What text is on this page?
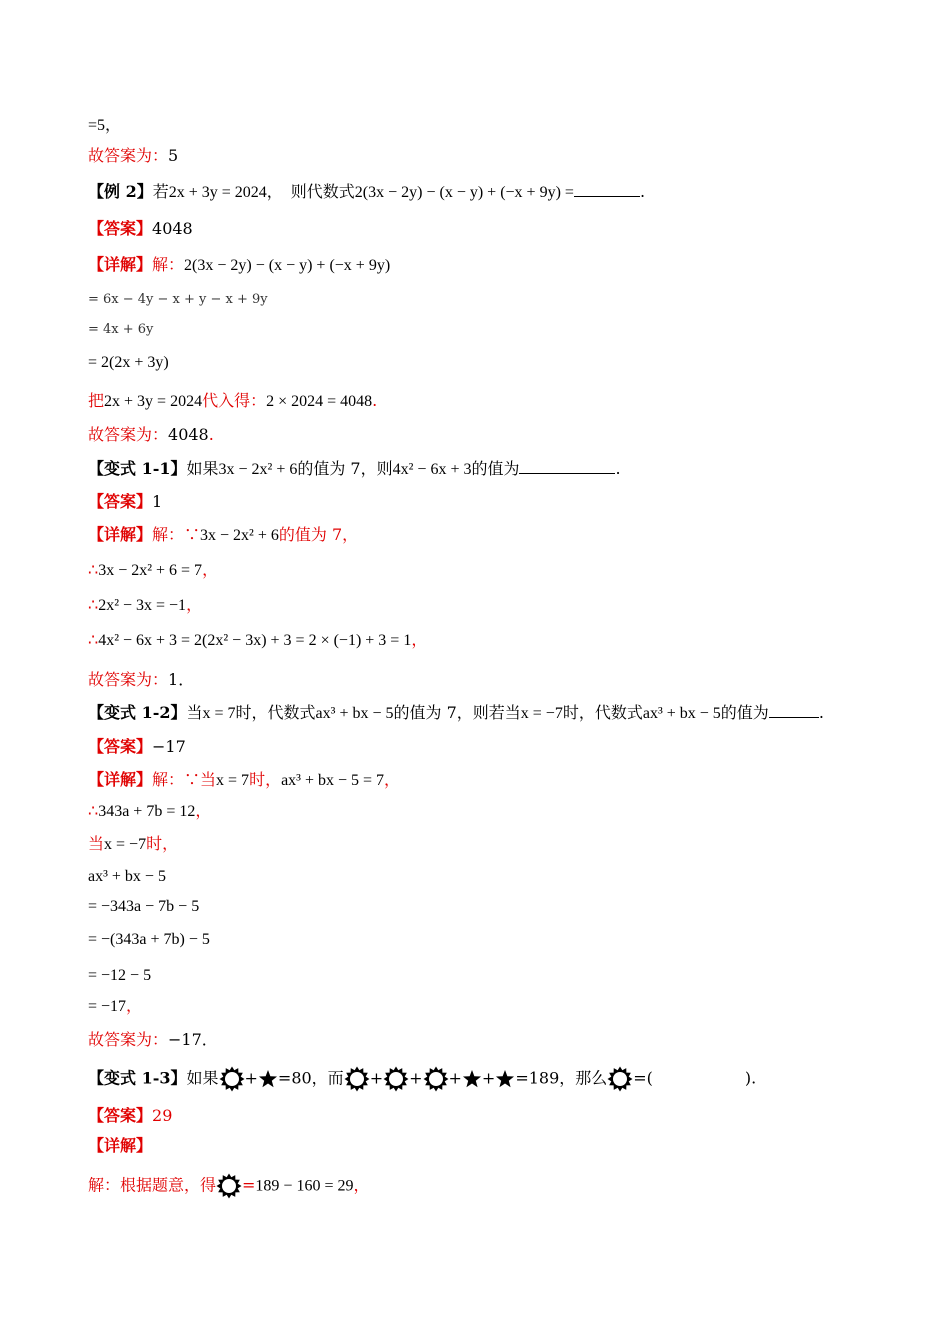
=5，
故答案为：5
【例 2】若2x + 3y = 2024，　则代数式2(3x − 2y) − (x − y) + (−x + 9y) =	.
【答案】4048
【详解】解：2(3x − 2y) − (x − y) + (−x + 9y)
= 6x − 4y − x + y − x + 9y
= 4x + 6y
= 2(2x + 3y)
把2x + 3y = 2024代入得：2 × 2024 = 4048.
故答案为：4048.
【变式 1-1】如果3x − 2x² + 6的值为 7，则4x² − 6x + 3的值为	.
【答案】1
【详解】解：∵3x − 2x² + 6的值为 7，
∴3x − 2x² + 6 = 7，
∴2x² − 3x = −1，
∴4x² − 6x + 3 = 2(2x² − 3x) + 3 = 2 × (−1) + 3 = 1，
故答案为：1．
【变式 1-2】当x = 7时，代数式ax³ + bx − 5的值为 7，则若当x = −7时，代数式ax³ + bx − 5的值为	.
【答案】−17
【详解】解：∵当x = 7时，ax³ + bx − 5 = 7，
∴343a + 7b = 12，
当x = −7时，
ax³ + bx − 5
= −343a − 7b − 5
= −(343a + 7b) − 5
= −12 − 5
= −17，
故答案为：−17．
【变式 1-3】如果 + =80，而 + + + + =189，那么 =(	).
【答案】29
【详解】
解：根据题意，得 =189 − 160 = 29，
